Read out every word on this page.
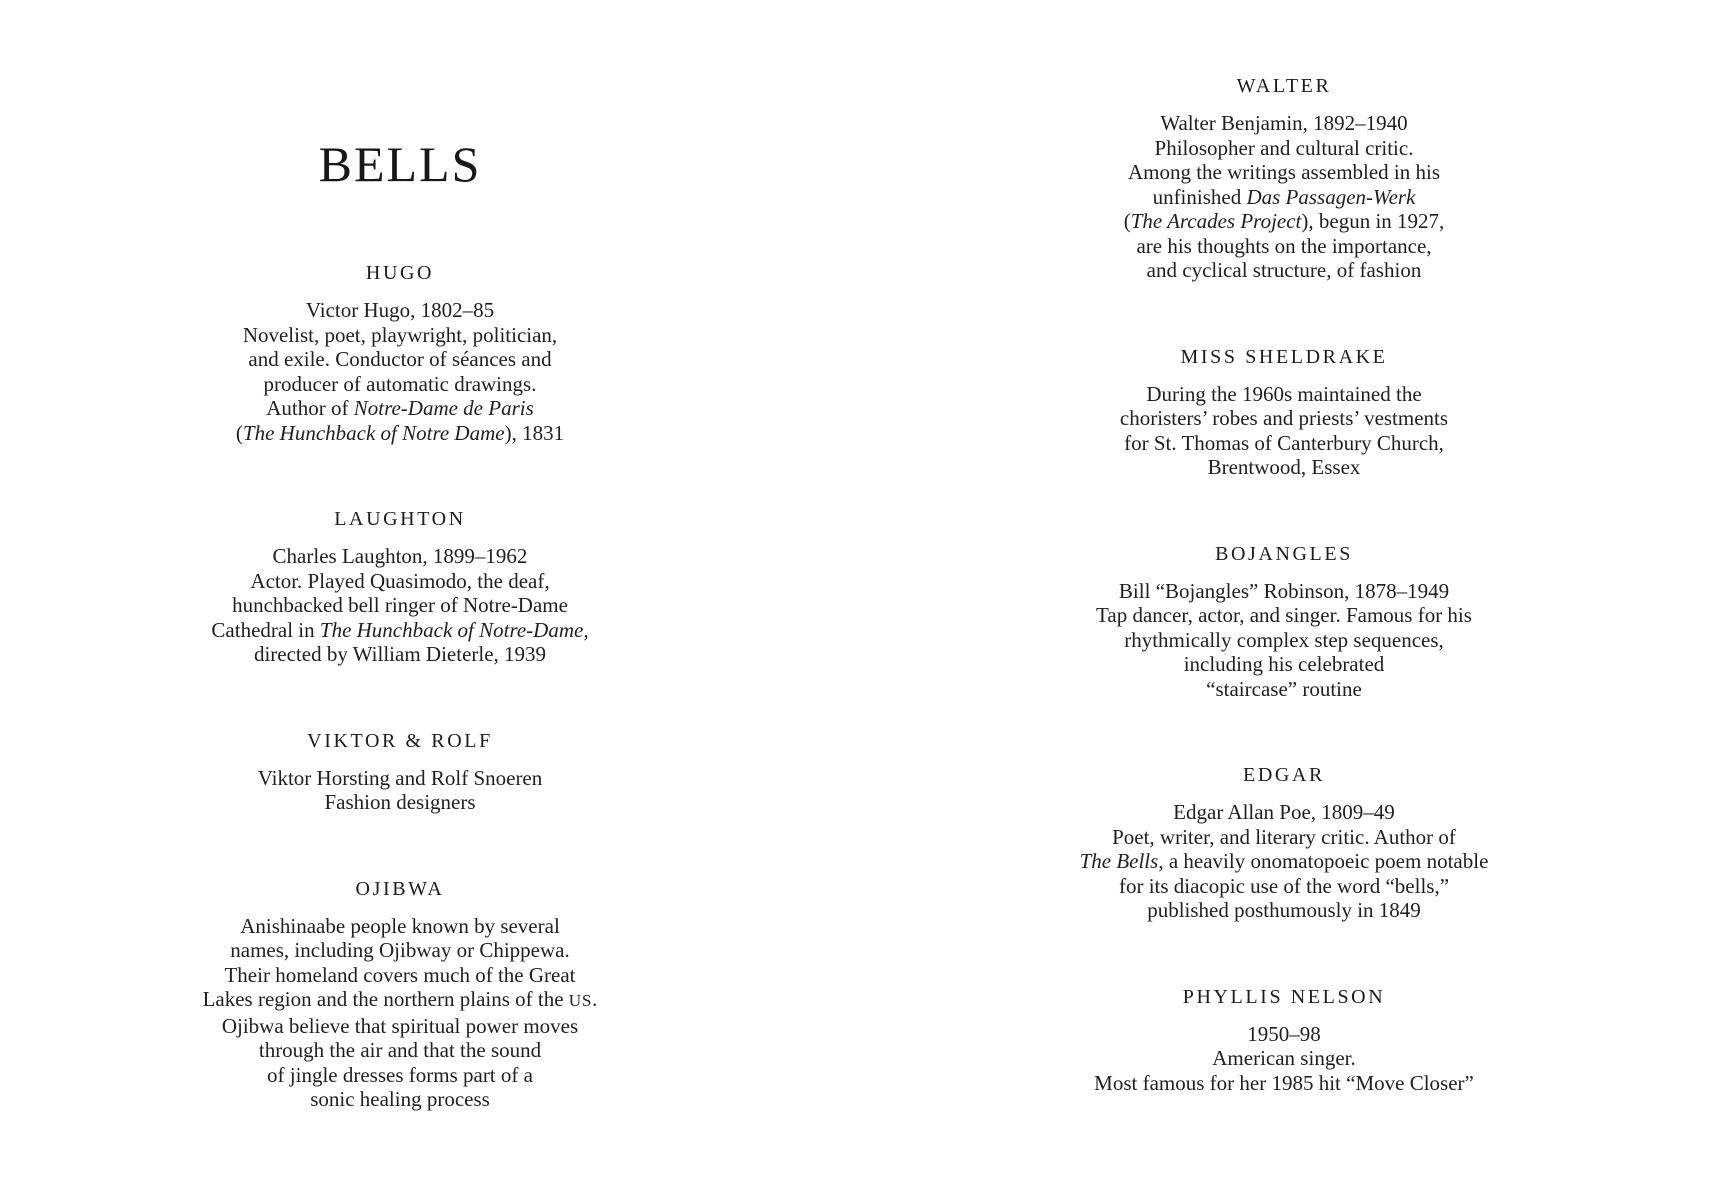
BELLS
HUGO

Victor Hugo, 1802–85
Novelist, poet, playwright, politician,
and exile. Conductor of séances and
producer of automatic drawings.
Author of Notre-Dame de Paris
(The Hunchback of Notre Dame), 1831

LAUGHTON

Charles Laughton, 1899–1962
Actor. Played Quasimodo, the deaf,
hunchbacked bell ringer of Notre-Dame
Cathedral in The Hunchback of Notre-Dame,
directed by William Dieterle, 1939

VIKTOR & ROLF

Viktor Horsting and Rolf Snoeren
Fashion designers

OJIBWA

Anishinaabe people known by several
names, including Ojibway or Chippewa.
Their homeland covers much of the Great
Lakes region and the northern plains of the US.
Ojibwa believe that spiritual power moves
through the air and that the sound
of jingle dresses forms part of a
sonic healing process

WALTER

Walter Benjamin, 1892–1940
Philosopher and cultural critic.
Among the writings assembled in his
unfinished Das Passagen-Werk
(The Arcades Project), begun in 1927,
are his thoughts on the importance,
and cyclical structure, of fashion

MISS SHELDRAKE

During the 1960s maintained the
choristers’ robes and priests’ vestments
for St. Thomas of Canterbury Church,
Brentwood, Essex

BOJANGLES

Bill “Bojangles” Robinson, 1878–1949
Tap dancer, actor, and singer. Famous for his
rhythmically complex step sequences,
including his celebrated
“staircase” routine

EDGAR

Edgar Allan Poe, 1809–49
Poet, writer, and literary critic. Author of
The Bells, a heavily onomatopoeic poem notable
for its diacopic use of the word “bells,”
published posthumously in 1849

PHYLLIS NELSON

1950–98
American singer.
Most famous for her 1985 hit “Move Closer”
